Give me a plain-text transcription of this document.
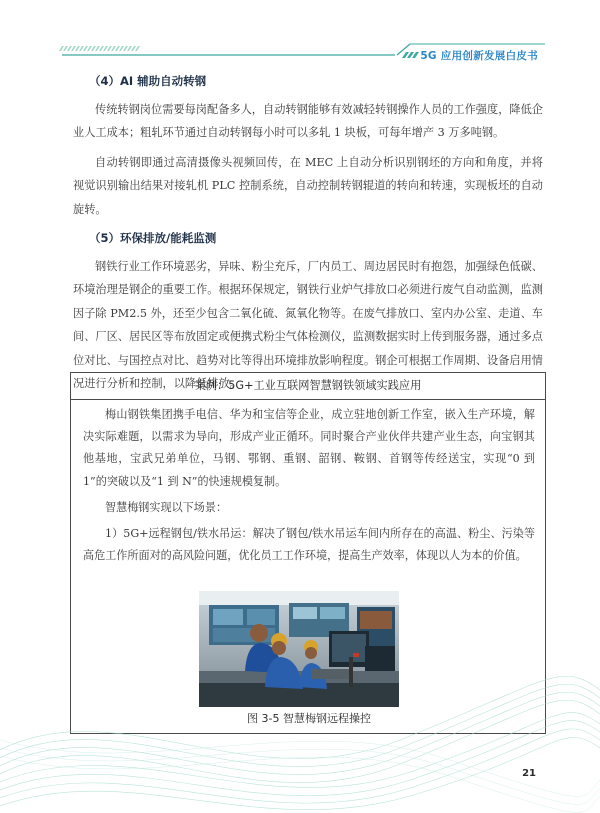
5G 应用创新发展白皮书
（4）AI 辅助自动转钢

传统转钢岗位需要每岗配备多人，自动转钢能够有效减轻转钢操作人员的工作强度，降低企业人工成本；粗轧环节通过自动转钢每小时可以多轧 1 块板，可每年增产 3 万多吨钢。

自动转钢即通过高清摄像头视频回传，在 MEC 上自动分析识别钢坯的方向和角度，并将视觉识别输出结果对接轧机 PLC 控制系统，自动控制转钢辊道的转向和转速，实现板坯的自动旋转。

（5）环保排放/能耗监测

钢铁行业工作环境恶劣，异味、粉尘充斥，厂内员工、周边居民时有抱怨，加强绿色低碳、环境治理是钢企的重要工作。根据环保规定，钢铁行业炉气排放口必须进行废气自动监测，监测因子除 PM2.5 外，还至少包含二氧化硫、氮氧化物等。在废气排放口、室内办公室、走道、车间、厂区、居民区等布放固定或便携式粉尘气体检测仪，监测数据实时上传到服务器，通过多点位对比、与国控点对比、趋势对比等得出环境排放影响程度。钢企可根据工作周期、设备启用情况进行分析和控制，以降低排放。

案例：5G+工业互联网智慧钢铁领域实践应用

梅山钢铁集团携手电信、华为和宝信等企业，成立驻地创新工作室，嵌入生产环境，解决实际难题，以需求为导向，形成产业正循环。同时聚合产业伙伴共建产业生态，向宝钢其他基地，宝武兄弟单位，马钢、鄂钢、重钢、韶钢、鞍钢、首钢等传经送宝，实现“0 到 1”的突破以及“1 到 N”的快速规模复制。

智慧梅钢实现以下场景：

1）5G+远程钢包/铁水吊运：解决了钢包/铁水吊运车间内所存在的高温、粉尘、污染等高危工作所面对的高风险问题，优化员工工作环境，提高生产效率，体现以人为本的价值。

图 3-5 智慧梅钢远程操控
21
